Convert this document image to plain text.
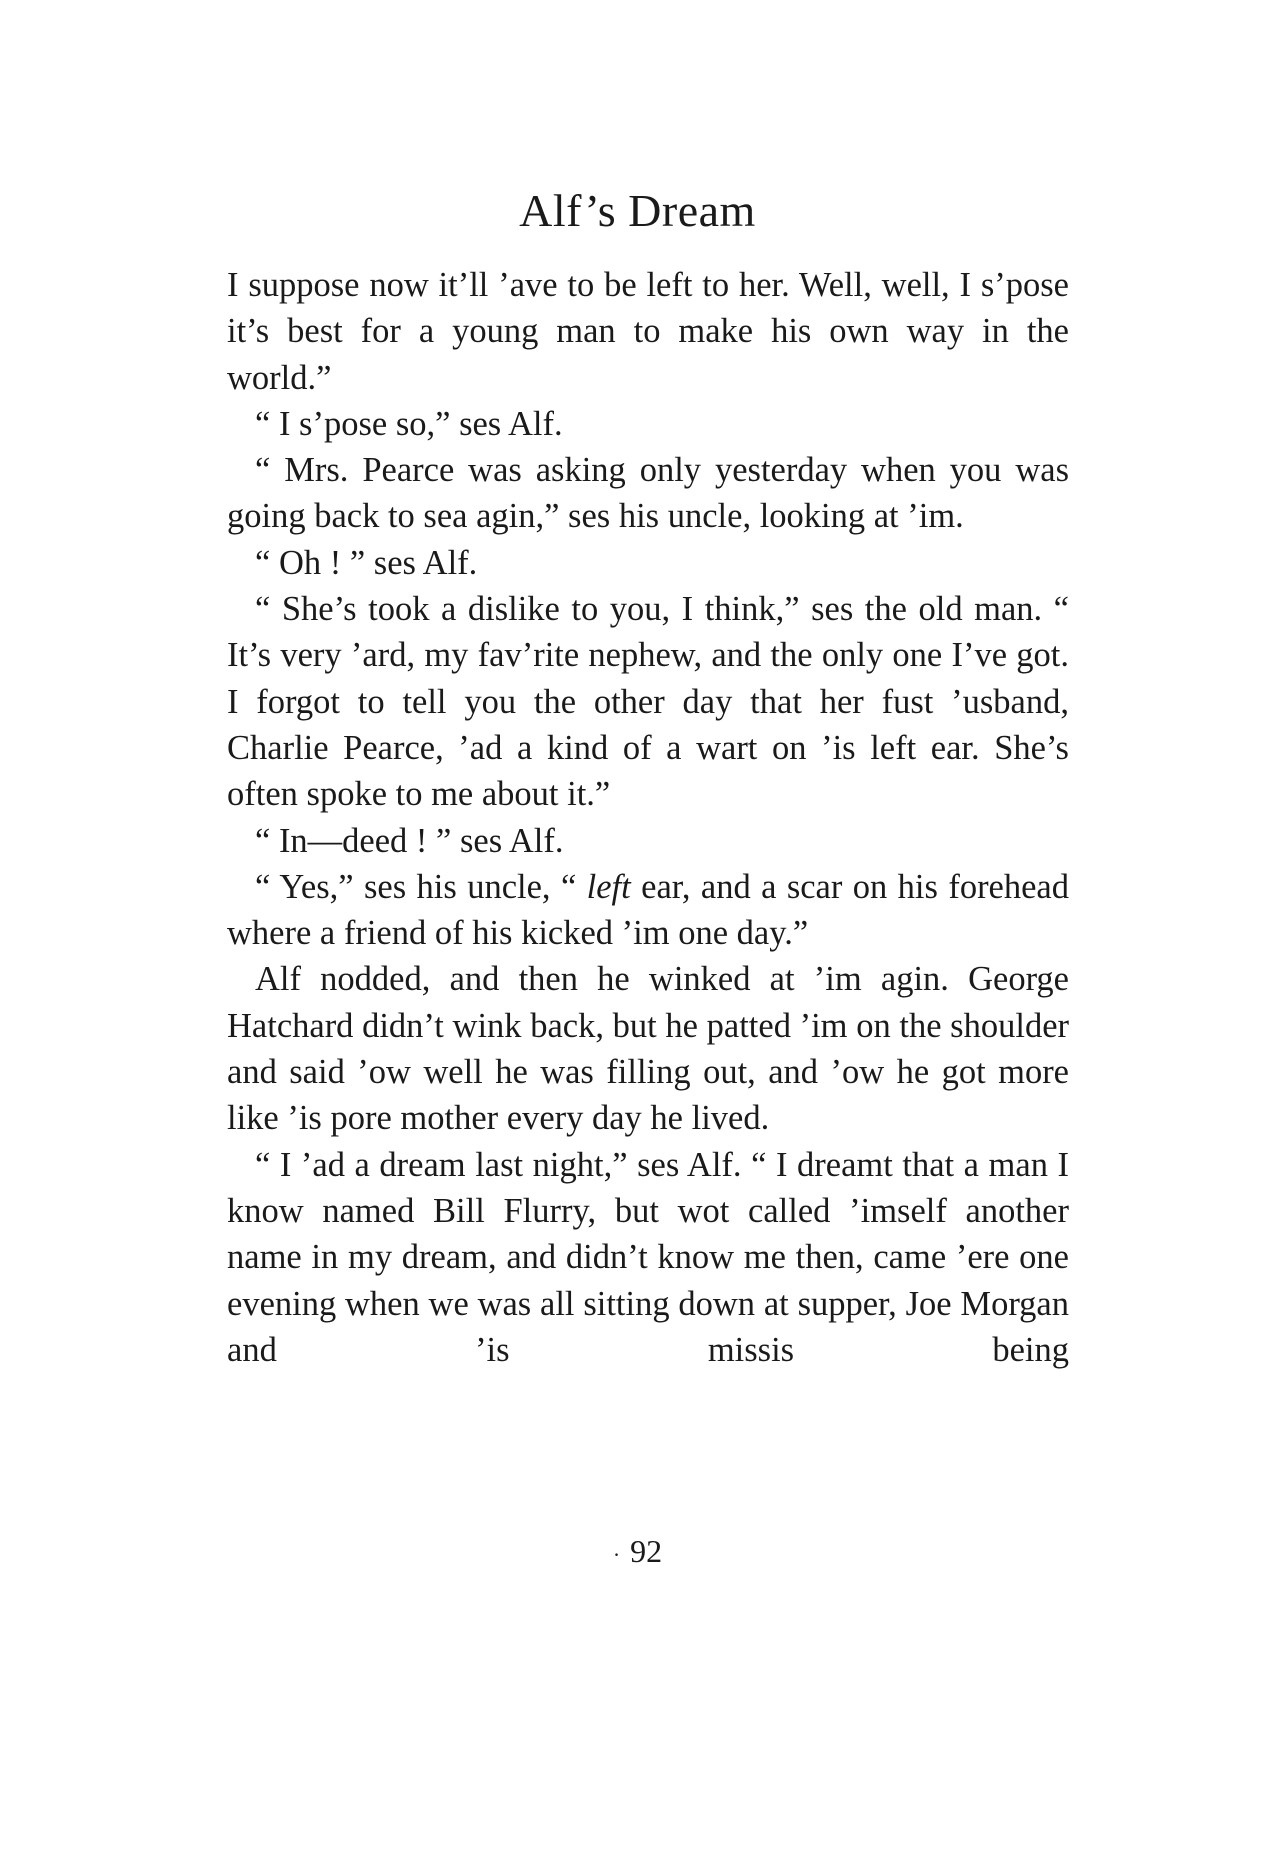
Alf’s Dream

I suppose now it’ll ’ave to be left to her. Well, well, I s’pose it’s best for a young man to make his own way in the world.”

“ I s’pose so,” ses Alf.

“ Mrs. Pearce was asking only yesterday when you was going back to sea agin,” ses his uncle, looking at ’im.

“ Oh ! ” ses Alf.

“ She’s took a dislike to you, I think,” ses the old man. “ It’s very ’ard, my fav’rite nephew, and the only one I’ve got. I forgot to tell you the other day that her fust ’usband, Charlie Pearce, ’ad a kind of a wart on ’is left ear. She’s often spoke to me about it.”

“ In—deed ! ” ses Alf.

“ Yes,” ses his uncle, “ left ear, and a scar on his forehead where a friend of his kicked ’im one day.”

Alf nodded, and then he winked at ’im agin. George Hatchard didn’t wink back, but he patted ’im on the shoulder and said ’ow well he was filling out, and ’ow he got more like ’is pore mother every day he lived.

“ I ’ad a dream last night,” ses Alf. “ I dreamt that a man I know named Bill Flurry, but wot called ’imself another name in my dream, and didn’t know me then, came ’ere one evening when we was all sitting down at supper, Joe Morgan and ’is missis being

· 92
